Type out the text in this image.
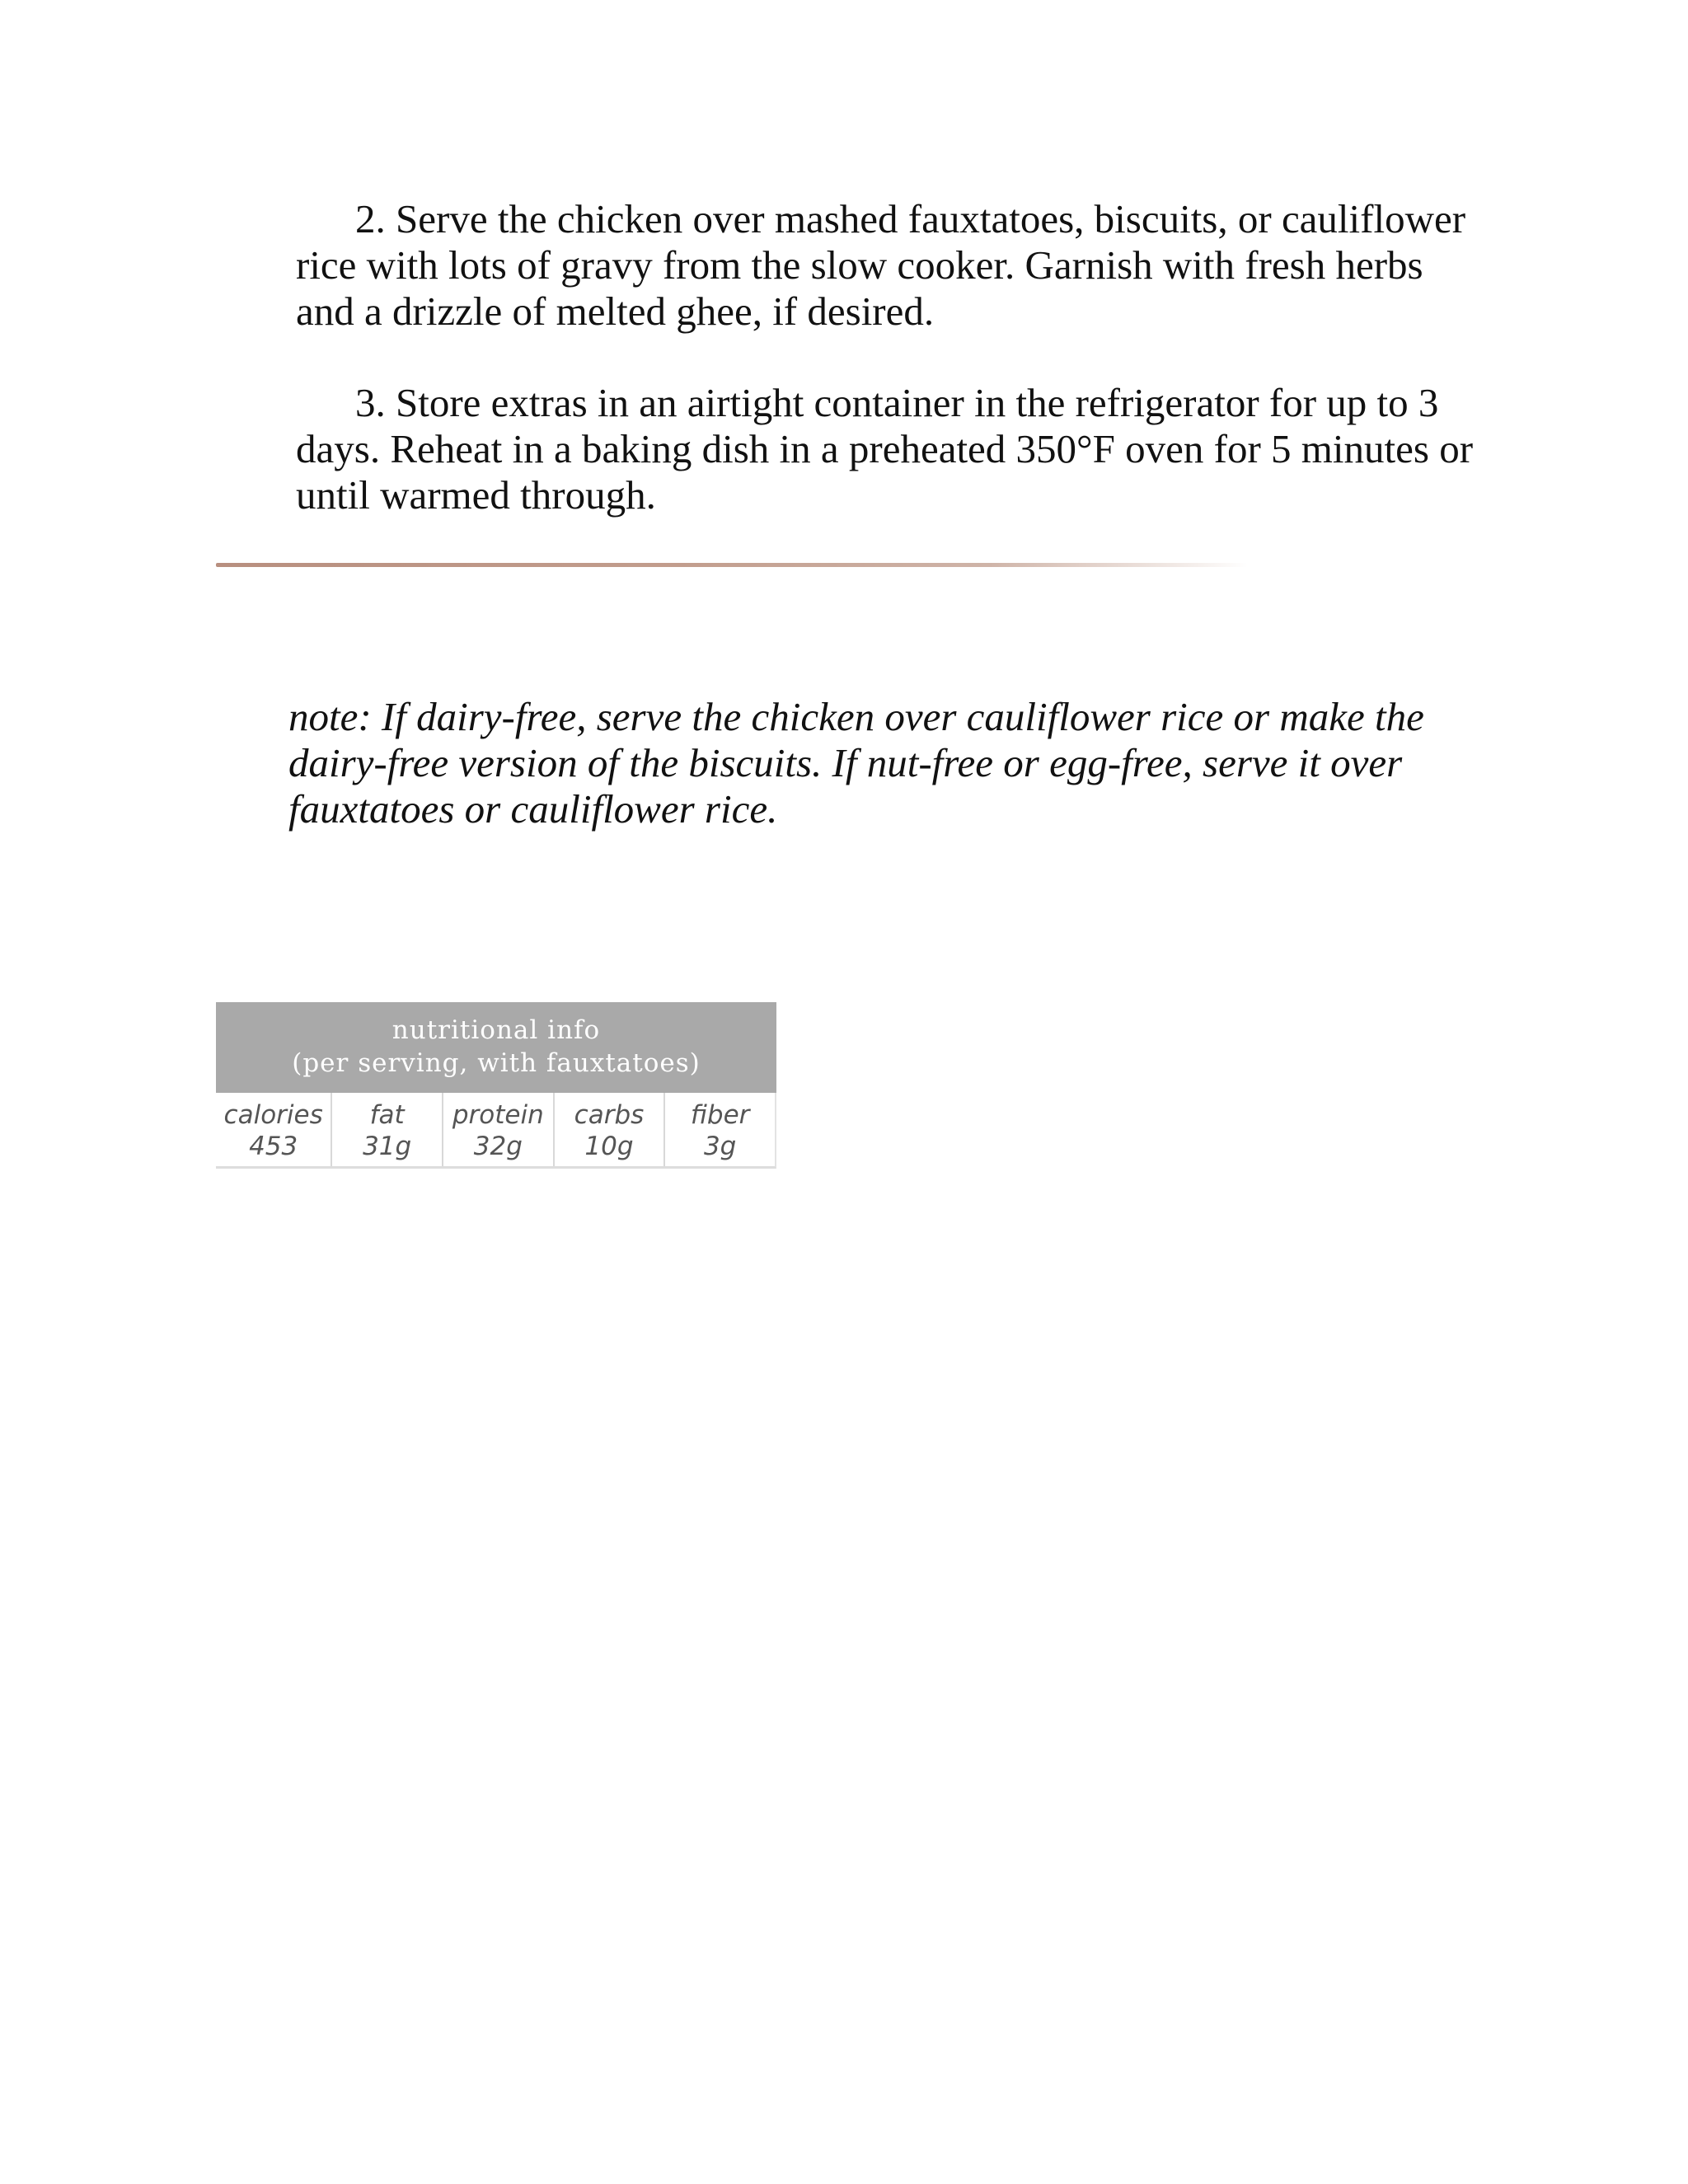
2. Serve the chicken over mashed fauxtatoes, biscuits, or cauliflower rice with lots of gravy from the slow cooker. Garnish with fresh herbs and a drizzle of melted ghee, if desired.

3. Store extras in an airtight container in the refrigerator for up to 3 days. Reheat in a baking dish in a preheated 350°F oven for 5 minutes or until warmed through.

note: If dairy-free, serve the chicken over cauliflower rice or make the dairy-free version of the biscuits. If nut-free or egg-free, serve it over fauxtatoes or cauliflower rice.

nutritional info
(per serving, with fauxtatoes)
calories
453
fat
31g
protein
32g
carbs
10g
fiber
3g
